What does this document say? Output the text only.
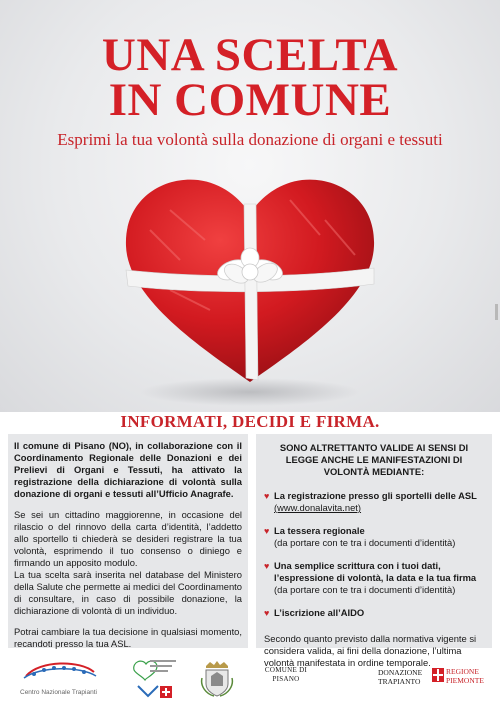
UNA SCELTA
IN COMUNE
Esprimi la tua volontà sulla donazione di organi e tessuti
INFORMATI, DECIDI E FIRMA.

Il comune di Pisano (NO), in collaborazione con il Coordinamento Regionale delle Donazioni e dei Prelievi di Organi e Tessuti, ha attivato la registrazione della dichiarazione di volontà sulla donazione di organi e tessuti all’Ufficio Anagrafe.

Se sei un cittadino maggiorenne, in occasione del rilascio o del rinnovo della carta d’identità, l’addetto allo sportello ti chiederà se desideri registrare la tua volontà, esprimendo il tuo consenso o diniego e firmando un apposito modulo.

La tua scelta sarà inserita nel database del Ministero della Salute che permette ai medici del Coordinamento di consultare, in caso di possibile donazione, la dichiarazione di volontà di un individuo.

Potrai cambiare la tua decisione in qualsiasi momento, recandoti presso la tua ASL.

SONO ALTRETTANTO VALIDE AI SENSI DI LEGGE ANCHE LE MANIFESTAZIONI DI VOLONTÀ MEDIANTE:
♥ La registrazione presso gli sportelli delle ASL
(www.donalavita.net)
♥ La tessera regionale
(da portare con te tra i documenti d’identità)
♥ Una semplice scrittura con i tuoi dati, l’espressione di volontà, la data e la tua firma
(da portare con te tra i documenti d’identità)
♥ L’iscrizione all’AIDO
Secondo quanto previsto dalla normativa vigente si considera valida, ai fini della donazione, l’ultima volontà manifestata in ordine temporale.
Centro Nazionale Trapianti
COMUNE DI PISANO
DONAZIONE TRAPIANTO
REGIONE PIEMONTE
